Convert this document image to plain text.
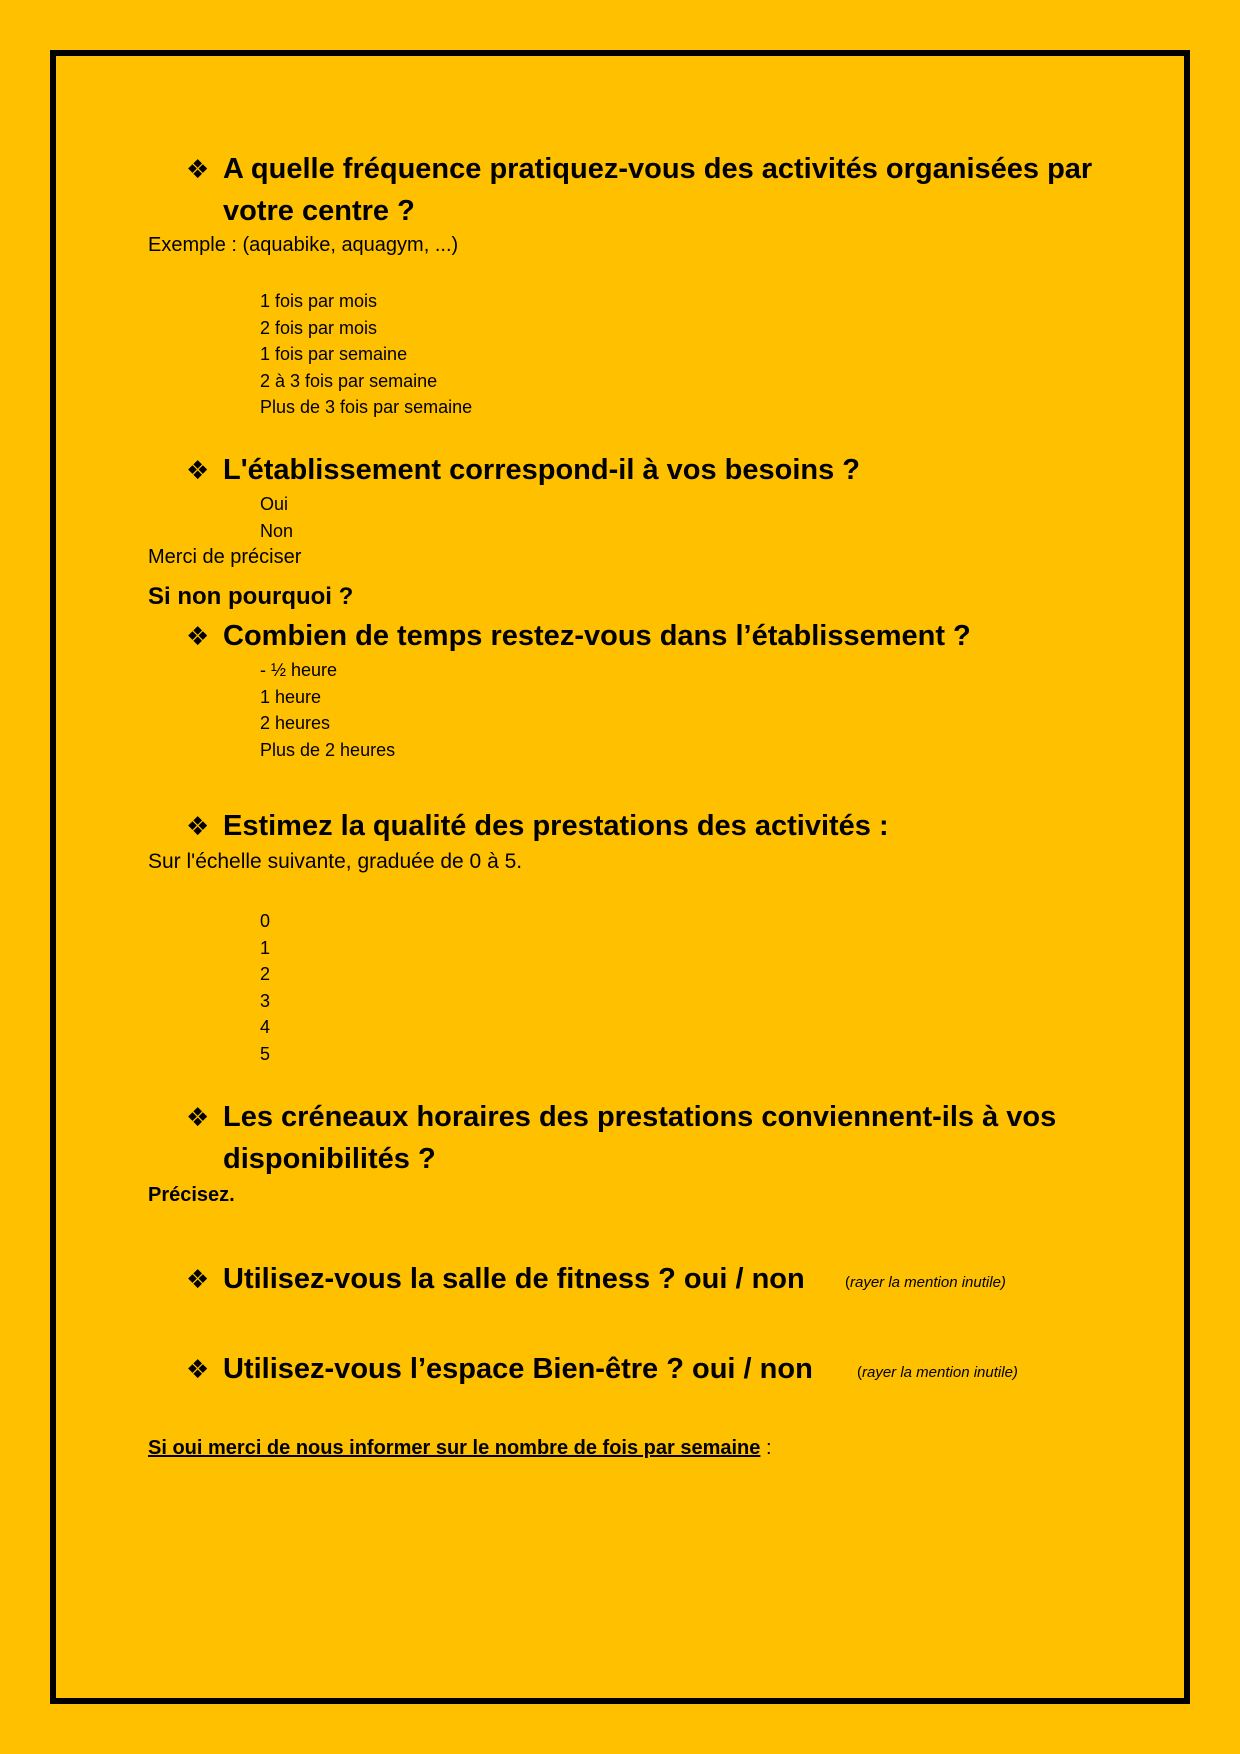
❖ A quelle fréquence pratiquez-vous des activités organisées par votre centre ?
Exemple : (aquabike, aquagym, ...)
1 fois par mois
2 fois par mois
1 fois par semaine
2 à 3 fois par semaine
Plus de 3 fois par semaine
❖ L'établissement correspond-il à vos besoins ?
Oui
Non
Merci de préciser
Si non pourquoi ?
❖ Combien de temps restez-vous dans l’établissement ?
- ½ heure
1 heure
2 heures
Plus de 2 heures
❖ Estimez la qualité des prestations des activités :
Sur l'échelle suivante, graduée de 0 à 5.
0
1
2
3
4
5
❖ Les créneaux horaires des prestations conviennent-ils à vos disponibilités ?
Précisez.
❖ Utilisez-vous la salle de fitness ? oui / non	(rayer la mention inutile)
❖ Utilisez-vous l’espace Bien-être ? oui / non	(rayer la mention inutile)
Si oui merci de nous informer sur le nombre de fois par semaine :
